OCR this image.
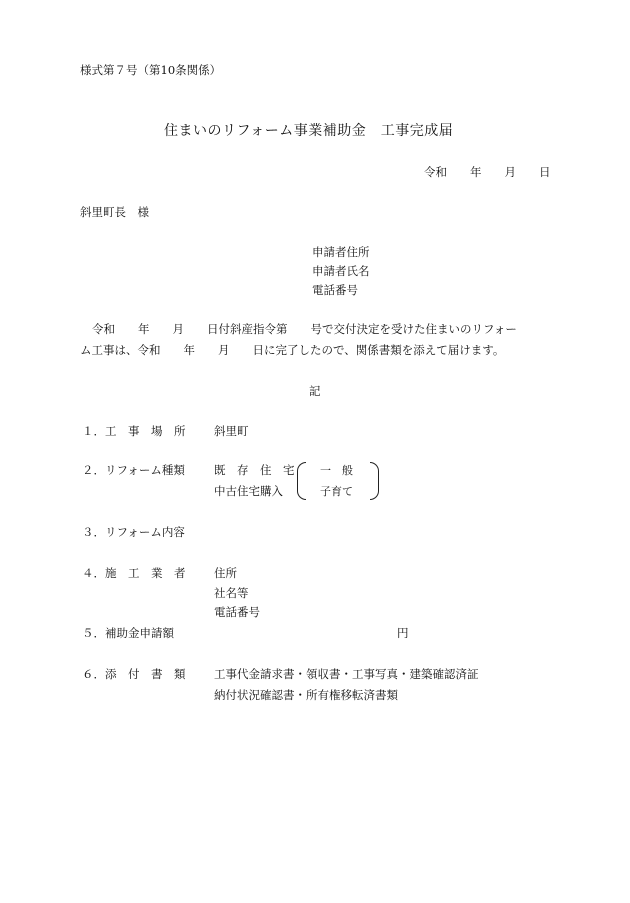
様式第７号（第10条関係）
住まいのリフォーム事業補助金　工事完成届
令和　　年　　月　　日
斜里町長　様
申請者住所
申請者氏名
電話番号
令和　　年　　月　　日付斜産指令第　　号で交付決定を受けた住まいのリフォー
ム工事は、令和　　年　　月　　日に完了したので、関係書類を添えて届けます。
記
１．工　事　場　所 斜里町
２．リフォーム種類	既　存　住　宅
中古住宅購入
一　般
子育て
３．リフォーム内容
４．施　工　業　者 住所
社名等
電話番号
５．補助金申請額	円
６．添　付　書　類 工事代金請求書・領収書・工事写真・建築確認済証
納付状況確認書・所有権移転済書類
